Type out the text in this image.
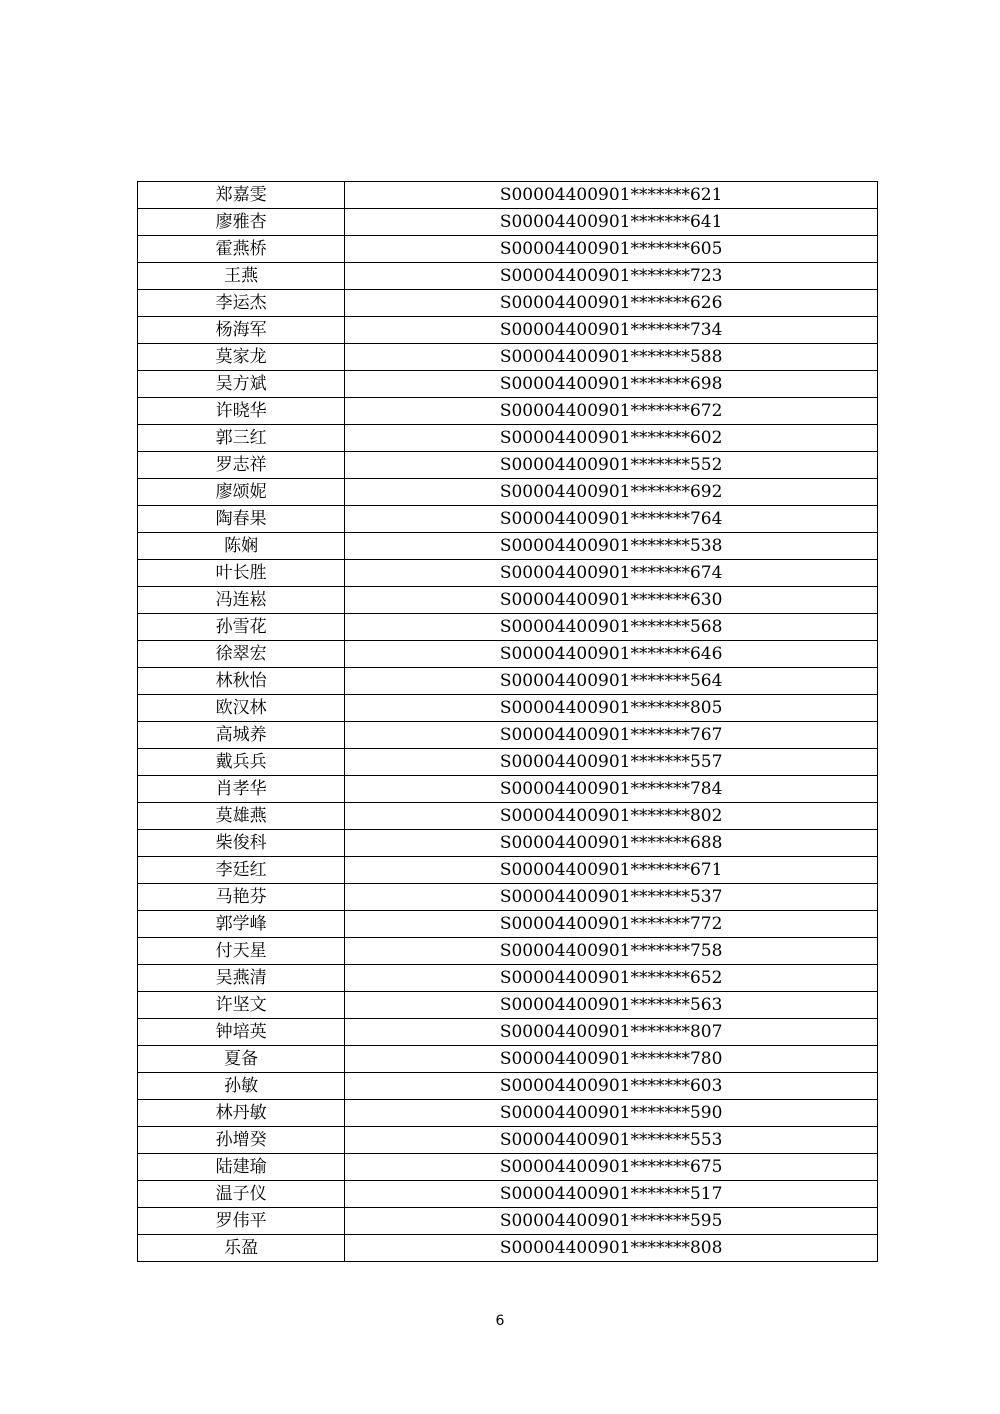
郑嘉雯	S00004400901*******621
廖雅杏	S00004400901*******641
霍燕桥	S00004400901*******605
王燕	S00004400901*******723
李运杰	S00004400901*******626
杨海军	S00004400901*******734
莫家龙	S00004400901*******588
吴方斌	S00004400901*******698
许晓华	S00004400901*******672
郭三红	S00004400901*******602
罗志祥	S00004400901*******552
廖颂妮	S00004400901*******692
陶春果	S00004400901*******764
陈娴	S00004400901*******538
叶长胜	S00004400901*******674
冯连崧	S00004400901*******630
孙雪花	S00004400901*******568
徐翠宏	S00004400901*******646
林秋怡	S00004400901*******564
欧汉林	S00004400901*******805
高城养	S00004400901*******767
戴兵兵	S00004400901*******557
肖孝华	S00004400901*******784
莫雄燕	S00004400901*******802
柴俊科	S00004400901*******688
李廷红	S00004400901*******671
马艳芬	S00004400901*******537
郭学峰	S00004400901*******772
付天星	S00004400901*******758
吴燕清	S00004400901*******652
许坚文	S00004400901*******563
钟培英	S00004400901*******807
夏备	S00004400901*******780
孙敏	S00004400901*******603
林丹敏	S00004400901*******590
孙增癸	S00004400901*******553
陆建瑜	S00004400901*******675
温子仪	S00004400901*******517
罗伟平	S00004400901*******595
乐盈	S00004400901*******808
6
